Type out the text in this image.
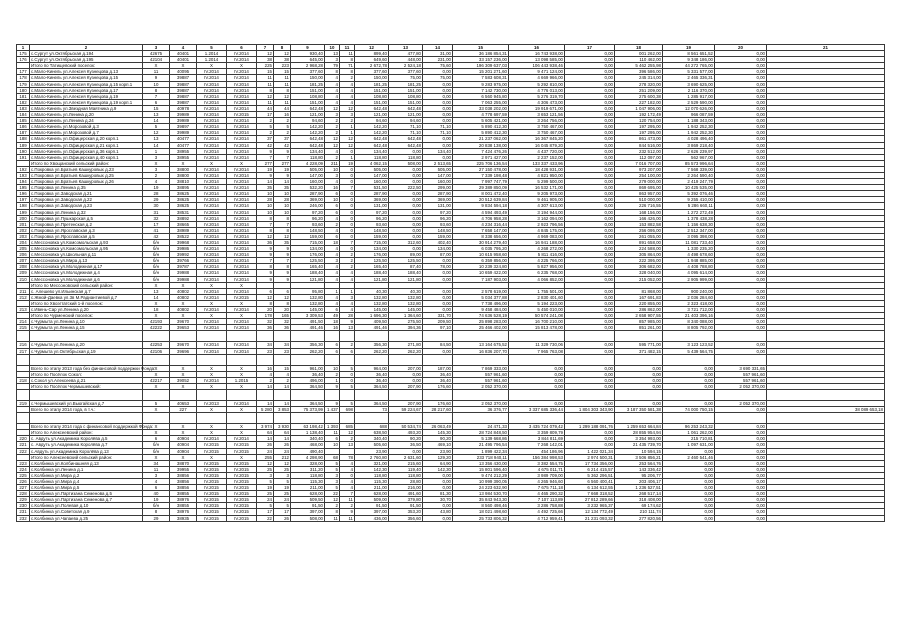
1	2	3	4	5	6	7	8	9	10	11	12	13	14	15	16	17	18	19	20	21
175	с.Сургут ул.Октябрьская д.194	42675	40401	1.2014	IV.2014	12	12	930,40	13	11	899,40	477,80	31,00	36 186 854,31	16 743 938,00	0,00	001 262,00	8 561 651,52	0,00	
176	с.Сургут ул.Октябрьская д.195	42104	40401	1.2014	IV.2014	38	38	645,00	3	8	649,60	448,00	231,00	33 157 236,00	13 098 585,00	0,00	110 462,00	9 348 186,00	0,00	
	Итого по Татищевский поселок:	Х	Х	Х	Х	225	223	2 968,28	79	71	2 672,78	2 524,18	75,60	196 309 637,03	106 443 938,46	0,00	5 462 255,98	44 272 765,00	0,00	
177	с.Мало-Кинель ул.Алексея Кузнецова д.13	11	40095	IV.2014	IV.2014	15	15	377,60	8	8	377,60	377,60	0,00	15 201 271,60	9 471 124,00	0,00	396 586,00	5 331 577,00	0,00	
178	с.Мало-Кинель ул.Алексея Кузнецова д.15	9	39887	IV.2014	IV.2014	11	11	150,00	4	2	150,00	75,00	75,00	7 583 608,31	4 669 966,00	0,00	245 314,00	2 465 336,31	0,00	
179	с.Мало-Кинель ул.Алексея Кузнецова д.15 корп.1	10	39887	IV.2014	IV.2014	11	11	181,25	4	4	181,25	181,25	0,00	9 283 975,00	5 292 810,00	0,00	278 320,00	3 690 625,00	0,00	
180	с.Мало-Кинель ул.Алексея Кузнецова д.17	8	39887	IV.2014	IV.2014	8	8	151,00	4	4	151,00	151,00	0,00	7 142 730,00	4 776 013,00	0,00	251 209,00	2 116 370,00	0,00	
181	с.Мало-Кинель ул.Алексея Кузнецова д.19	7	39887	IV.2014	IV.2014	12	12	108,80	4	4	108,80	108,80	0,00	6 560 945,80	5 276 319,70	0,00	275 600,38	1 285 917,00	0,00	
182	с.Мало-Кинель ул.Алексея Кузнецова д.19 корп.1	6	39887	IV.2014	IV.2014	11	11	151,00	4	4	151,00	151,00	0,00	7 063 255,00	4 306 473,00	0,00	227 182,00	2 529 590,00	0,00	
183	с.Мало-Кинель ул.Звездная Маятника д.9	15	40978	IV.2014	IV.2014	44	44	642,48	12	12	642,48	642,48	0,00	33 038 202,00	19 919 671,00	0,00	1 047 906,00	12 070 626,00	0,00	
184	с.Мало-Кинель ул.Ленина д.20	13	39989	IV.2014	IV.2015	17	16	121,00	3	3	121,00	121,00	0,00	4 778 697,59	3 653 121,56	0,00	192 172,49	966 087,59	0,00	
185	с.Мало-Кинель ул.Ленина д.24	14	39989	IV.2014	IV.2014	2	2	94,60	2	2	94,60	94,60	0,00	5 605 421,00	3 264 756,00	0,00	120 754,00	1 188 343,00	0,00	
186	с.Мало-Кинель ул.Морозовой д.3	5	39897	IV.2014	IV.2014	5	5	142,20	2	1	142,20	71,10	71,10	5 890 412,30	3 750 467,00	0,00	197 295,00	1 942 252,30	0,00	
187	с.Мало-Кинель ул.Морозовой д.7	12	39989	IV.2014	IV.2014	2	2	142,20	2	1	142,20	71,10	71,10	5 890 412,30	3 750 467,00	0,00	197 295,00	1 942 252,30	0,00	
188	с.Мало-Кинель ул.Офицерская д.20 корп.1	13	40477	IV.2014	IV.2014	37	37	642,48	12	12	642,48	642,48	0,00	21 237 062,00	16 367 845,20	0,00	861 473,00	4 028 496,40	0,00	
189	с.Мало-Кинель ул.Офицерская д.21 корп.1	14	40477	IV.2014	IV.2014	42	42	642,48	12	12	642,48	642,48	0,00	20 838 138,00	16 045 879,20	0,00	844 516,00	3 869 218,40	0,00	
190	с.Мало-Кинель ул.Офицерская д.36 корп.1	1	38955	IV.2014	IV.2014	9	9	134,40	4	0	134,40	0,00	134,40	7 424 476,26	4 437 720,00	0,00	232 512,00	2 626 239,97	0,00	
191	с.Мало-Кинель ул.Офицерская д.40 корп.1	3	38955	IV.2014	IV.2014	7	7	118,80	2	1	118,80	118,80	0,00	2 971 427,00	2 237 152,00	0,00	112 097,00	562 967,00	0,00	
	Итого по Хвощанский сельский район:	Х	Х	Х	Х	277	277	4 228,09	211	19	4 062,15	508,00	2 513,65	225 706 136,54	133 337 433,96	0,00	7 016 707,00	85 573 996,64	0,00	
192	с.Покровка ул.Братьев Кашкуровых д.23	3	38800	IV.2014	IV.2014	19	19	505,00	10	0	505,00	0,00	505,00	27 150 478,00	18 428 931,00	0,00	973 207,00	7 568 339,00	0,00	
193	с.Покровка ул.Братьев Кашкуровых д.25	2	38800	IV.2014	IV.2014	9	9	147,00	3	0	147,00	0,00	147,00	7 339 198,48	4 821 950,00	0,00	254 100,00	2 264 590,40	0,00	
194	с.Покровка ул.Братьев Кашкуровых д.26	4	38810	IV.2014	IV.2014	14	14	160,00	4	0	160,00	0,00	160,00	7 997 747,79	5 299 500,00	0,00	279 000,00	2 419 247,79	0,00	
195	с.Покровка ул.Ленина д.35	19	38895	IV.2014	IV.2014	35	35	532,20	16	7	531,50	222,50	299,00	29 389 850,09	16 532 171,00	0,00	869 695,00	10 425 535,00	0,00	
196	с.Покровка ул.Заводская д.21	28	38625	IV.2014	IV.2014	10	10	287,90	6	0	287,90	0,00	287,90	8 001 472,40	9 205 973,00	0,00	863 957,00	5 392 076,46	0,00	
197	с.Покровка ул.Заводская д.22	29	38625	IV.2014	IV.2014	28	28	369,00	10	0	369,00	0,00	369,00	20 512 639,84	9 461 905,00	0,00	510 000,00	9 255 410,00	0,00	
198	с.Покровка ул.Заводская д.23	30	38625	IV.2014	IV.2014	10	10	246,00	6	0	131,00	0,00	131,00	9 834 594,18	4 307 613,00	0,00	226 716,55	5 286 660,11	0,00	
199	с.Покровка ул.Ленина д.32	31	38531	IV.2014	IV.2014	10	10	97,20	6	0	97,20	0,00	97,20	4 594 493,49	3 194 944,00	0,00	168 156,00	1 272 272,49	0,00	
200	с.Покровка ул.Пушкарская д.5	32	38892	IV.2014	IV.2014	8	8	96,20	4	0	96,20	0,00	96,20	4 706 958,28	3 162 094,00	0,00	166 426,00	1 378 438,28	0,00	
201	с.Покровка ул.Претенская д.2	17	38665	IV.2014	IV.2014	7	7	93,60	2	0	93,60	0,00	93,60	4 234 316,44	2 923 796,56	0,00	153 882,58	1 156 638,30	0,00	
202	с.Покровка ул.Ярославская д.3	41	38989	IV.2014	IV.2014	8	8	148,50	4	0	148,50	0,00	148,50	7 658 147,00	4 845 175,00	0,00	256 095,00	2 512 347,00	0,00	
203	с.Покровка ул.Ярославская д.5	42	38522	IV.2014	IV.2014	12	12	159,00	6	0	159,00	0,00	159,00	8 338 656,00	4 969 083,00	0,00	261 055,00	3 095 398,00	0,00	
204	с.Мессоновка ул.Комсомольская д.93	б/н	39968	IV.2014	IV.2014	36	35	715,00	18	7	715,00	312,60	402,40	30 914 279,40	16 941 188,00	0,00	891 658,00	11 081 733,40	0,00	
205	с.Мессоновка ул.Комсомольская д.95	б/н	39986	IV.2014	IV.2014	9	9	134,00	4	0	134,00	0,00	134,00	6 035 795,20	4 268 272,00	0,00	224 588,00	1 330 235,20	0,00	
206	с.Мессоновка ул.Школьная д.11	б/н	39992	IV.2014	IV.2014	9	9	176,00	4	2	176,00	89,00	87,00	10 615 958,60	5 811 416,00	0,00	305 864,00	4 498 678,60	0,00	
207	с.Мессоновка ул.Мира д.13	б/н	39766	IV.2014	IV.2014	7	7	125,50	3	2	125,50	125,50	0,00	6 359 856,00	4 225 766,00	0,00	222 395,00	1 948 885,00	0,00	
208	с.Мессоновка ул.Молодежная д.17	б/н	39787	IV.2014	IV.2014	8	8	165,40	4	2	165,40	87,40	78,00	10 239 324,80	5 827 956,00	0,00	306 682,00	4 408 788,80	0,00	
209	с.Мессоновка ул.Молодежная д.4	б/н	39988	IV.2014	IV.2014	9	9	188,40	4	4	188,40	188,40	0,00	10 659 422,00	6 235 768,00	0,00	328 040,00	4 095 614,00	0,00	
210	с.Мессоновка ул.Молодежная д.6	б/н	39988	IV.2014	IV.2014	9	9	121,80	4	4	121,80	121,80	0,00	7 187 903,00	4 066 852,00	0,00	215 052,00	2 905 999,00	0,00	
	Итого по Мессоновский сельский район:	Х	Х	Х	Х															
211	с. Алешево ул.Ильинская д.7	13	40802	IV.2014	IV.2014	6	6	95,80	1	1	40,30	40,30	0,00	2 578 619,00	1 755 501,00	0,00	81 868,00	900 240,00	0,00	
212	с.Жмой-Даевка ул.3в М.Радиантиевой д.7	14	40802	IV.2014	IV.2015	12	12	132,80	4	3	132,80	132,80	0,00	5 034 377,88	2 830 401,60	0,00	167 691,83	2 036 284,60	0,00	
	Итого по Хвоэгтатский 1-й поселок:	Х	Х	Х	Х	8	8	132,80	4	4	132,80	132,80	0,00	7 738 496,00	5 194 223,00	0,00	220 855,00	2 323 418,00	0,00	
213	с.Ивень-Сар ул.Ленина д.20	18	40802	IV.2014	IV.2014	20	20	145,00	6	4	145,00	145,00	0,00	9 458 484,00	5 450 010,00	0,00	286 862,00	3 721 712,00	0,00	
	Итого по Чурменский поселок:	Х	Х	Х	Х	178	165	3 309,53	49	28	1 696,30	1 364,60	331,70	74 636 528,19	50 574 241,08	0,00	2 658 907,55	21 403 396,16	0,00	
214	с.Чурмыта ул.Ленина д.10	42193	39670	IV.2014	IV.2014	32	32	491,50	18	9	409,50	275,50	209,50	25 898 283,00	16 700 210,00	0,00	857 985,00	8 340 088,00	0,00	
215	с.Чурмыта ул.Ленина д.15	42222	39653	IV.2014	IV.2014	36	36	491,46	16	13	491,46	394,36	97,10	25 466 402,00	15 813 478,00	0,00	851 261,00	8 805 792,00	0,00	

216	с.Чурмыта ул.Ленина д.20	42253	39670	IV.2014	IV.2014	34	34	356,30	6	2	356,30	271,80	84,50	13 164 675,52	11 329 730,06	0,00	595 771,00	3 123 123,52	0,00	
217	с.Чурмыта ул.Октябрьская д.19	42106	39696	IV.2014	IV.2014	23	23	262,20	6	6	262,20	262,20	0,00	16 836 207,70	7 965 763,08	0,00	371 482,15	5 439 564,75	0,00	

	Всего по этапу 2013 года без финансовой поддержки Фонда:	Х	Х	Х	Х	16	15	961,00	10	5	964,00	207,00	187,00	7 869 333,00	0,00	0,00	0,00	0,00	3 690 331,65	
	Итого по Посёлок Сокол:	Х	Х	Х	Х	4	4	36,40	2	0	36,40	0,00	36,40	557 961,60	0,00	0,00	0,00	0,00	557 961,60	
218	с.Сокол ул.Алексеева д.21	42217	39052	IV.2014	1.2015	2	2	496,00	1	0	36,40	0,00	36,40	557 961,60	0,00	0,00	0,00	0,00	557 961,60	
	Итого по Посёлок Чермышевский:	Х	Х	Х	Х	14	14	364,50	9	5	364,50	207,90	176,60	2 052 370,00	0,00	0,00	0,00	0,00	2 052 370,00	

219	с.Чермышевский ул.Вьюгайская д.7	5	40653	IV.2013	IV.2014	14	14	364,50	9	5	364,50	207,90	176,60	2 052 370,00	0,00	0,00	0,00	0,00	2 052 370,00	
	Всего по этапу 2014 года, в т.ч.:	Х	227	Х	Х	5 280	3 853	75 373,99	1 437	698	73	59 224,67	28 217,60	36 376,77	3 337 685 336,44	1 804 303 343,90	3 187 350 581,38	74 000 750,15	0,00	38 089 653,18

	Всего по этапу 2014 года с финансовой поддержкой Фонда:	Х	Х	Х	Х	3 974	3 930	63 198,42	1 393	685	688	50 534,74	26 063,49	24 471,33	3 435 724 079,42	1 299 188 091,76	1 259 653 664,84	96 253 243,32	0,00	
	Итого по Алексеевский район:	Х	Х	Х	Х	64	64	1 138,40	11	12	638,50	493,20	145,30	28 724 848,50	3 359 809,79	0,00	28 855 954,94	1 061 262,00	0,00	
220	с. Авдуть ул.Академика Королёва д.5	6	40904	IV.2014	IV.2014	14	14	340,40	6	2	340,40	90,20	90,20	5 139 668,86	3 844 811,69	0,00	3 354 993,00	215 710,81	0,00	
221	с. Авдуть ул.Академика Королёва д.7	б/н	40904	IV.2015	IV.2015	26	26	468,00	10	13	505,60	36,50	469,10	21 495 796,54	7 268 142,01	0,00	21 435 739,70	1 097 631,00	0,00	
222	с.Авдуть ул.Академика Королёва д.13	б/н	40904	IV.2015	IV.2015	24	24	490,40			23,90	0,00	23,90	1 899 422,34	454 186,96	1 422 021,34	10 594,15	0,00	0,00	
	Итого по Алексеевский сельский район:	Х	Х	Х	Х	255	212	4 298,90	68	78	2 760,80	2 631,60	129,20	233 718 940,11	156 384 998,53	2 974 500,31	3 506 856,21	2 460 541,46	0,00	
223	с.Колбинка ул.Колбинашняя д.13	34	38870	IV.2015	IV.2015	12	12	328,00	5	4	321,00	215,60	64,90	13 356 430,00	3 382 554,75	17 734 356,00	253 564,76	0,00	0,00	
224	с.Колбинка ул.Ленина д.1	11	39955	IV.2015	IV.2015	25	25	311,20	5	4	142,30	119,40	142,30	15 801 596,40	4 675 011,71	6 214 415,57	143 336,42	0,00	0,00	
225	с.Колбинка ул.Мира д.2	3	38856	IV.2015	IV.2015	3	3	118,80	3	0	118,80	118,80	0,00	9 474 212,29	3 989 709,00	5 362 296,51	95 206,77	0,00	0,00	
226	с.Колбинка ул.Мира д.4	4	38856	IV.2015	IV.2015	5	5	115,30	3	4	115,30	28,80	0,00	10 999 390,05	4 265 946,60	6 560 400,41	203 406,17	0,00	0,00	
227	с.Колбинка ул.Мира д.5	6	38856	IV.2015	IV.2015	19	19	211,00	5	4	211,00	216,00	0,00	24 223 632,90	7 675 711,18	6 134 612,55	1 236 527,51	0,00	0,00	
228	с.Колбинка ул.Партизана Семенова д.5	40	38855	IV.2015	IV.2015	25	25	628,00	22	7	628,00	491,60	81,30	13 984 530,70	4 465 290,32	7 668 318,52	268 517,14	0,00	0,00	
229	с.Колбинка ул.Партизана Семенова д.7	19	38976	IV.2015	IV.2015	24	24	509,50	12	11	509,00	379,80	30,70	35 843 943,30	7 107 113,89	27 812 289,66	318 408,00	0,00	0,00	
230	с.Колбинка ул.Полевая д.10	б/н	38855	IV.2015	IV.2015	5	5	91,50	2	2	91,50	91,50	0,00	8 560 498,46	3 286 758,88	3 232 965,37	69 174,62	0,00	0,00	
231	с.Колбинка ул.Советская д.9	8	38976	IV.2015	IV.2015	17	17	397,00	8	9	397,00	353,20	43,80	18 021 498,60	4 492 725,66	12 134 772,49	210 111,74	0,00	0,00	
232	с.Колбинка ул.Чапаева д.25	29	38935	IV.2015	IV.2015	22	26	508,00	11	11	436,00	356,60	0,00	25 733 806,32	4 712 959,41	21 231 093,32	277 820,56	0,00	0,00	
